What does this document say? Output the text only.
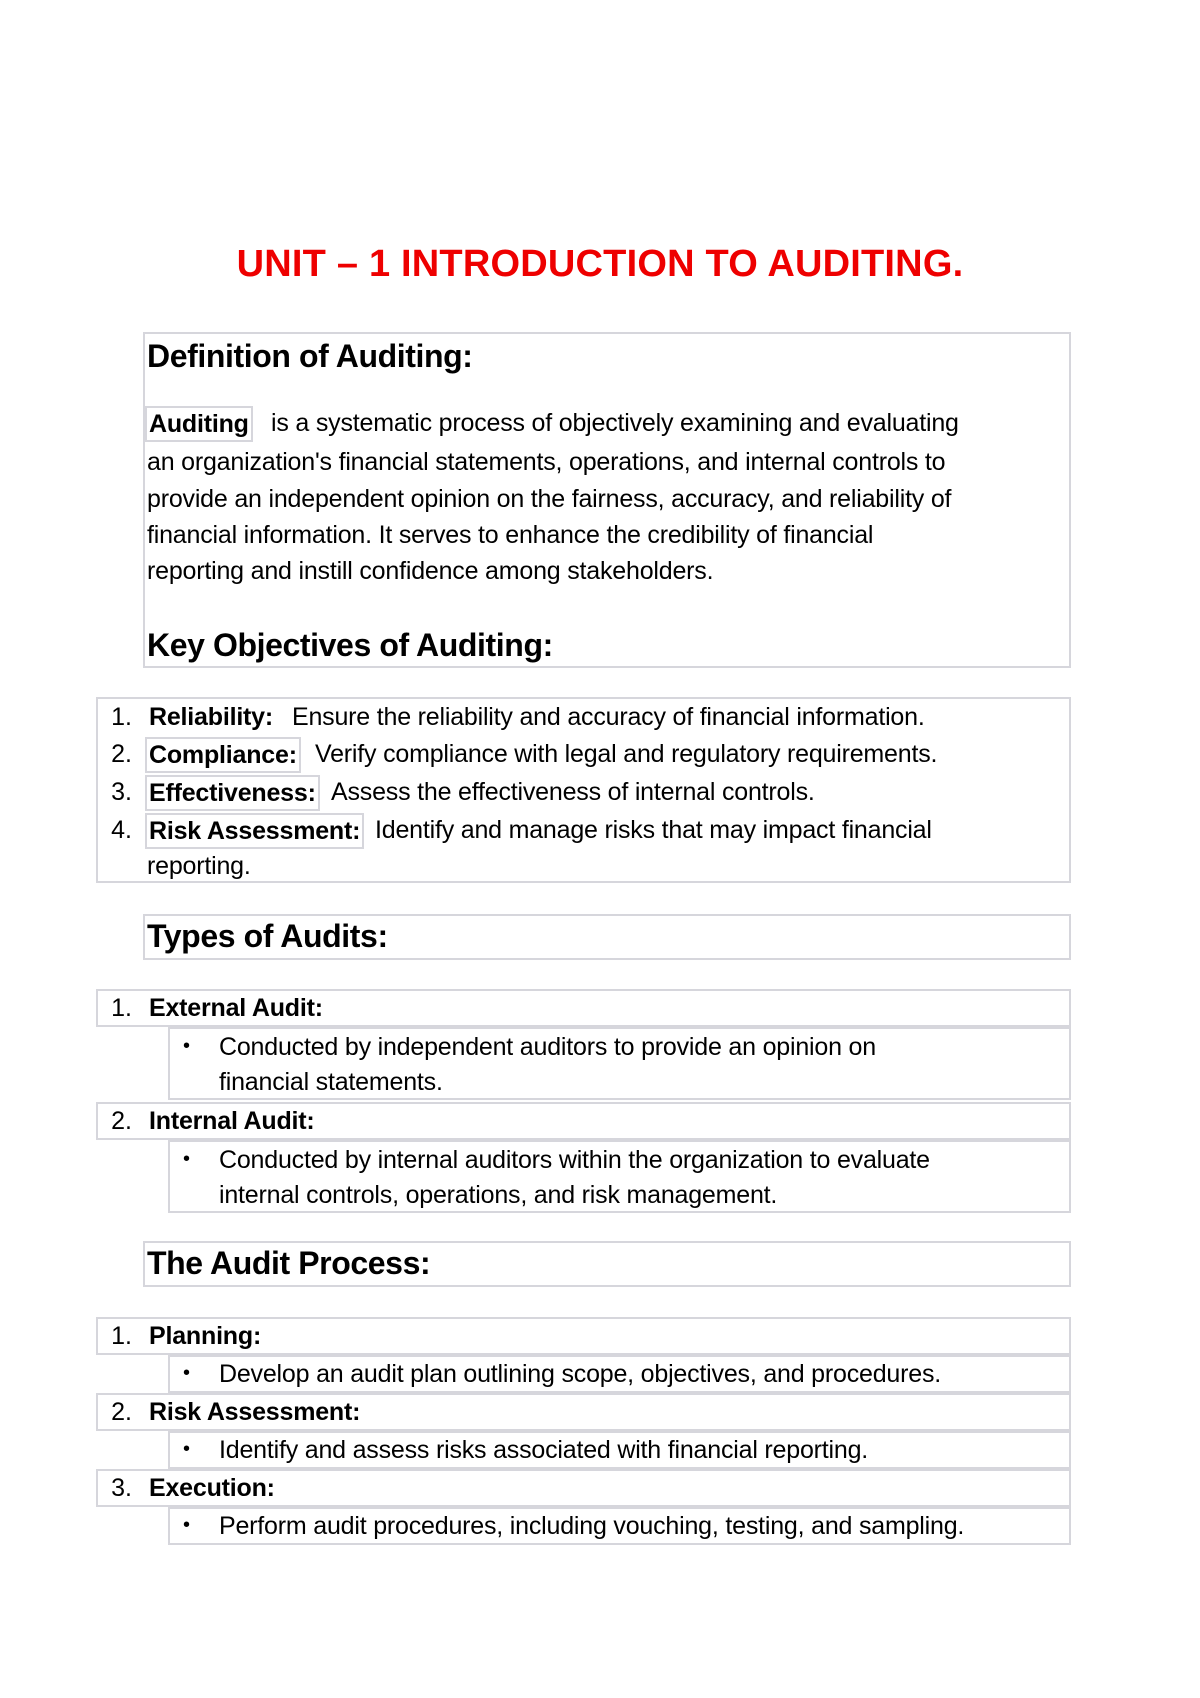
UNIT – 1 INTRODUCTION TO AUDITING.
Definition of Auditing:
Auditing is a systematic process of objectively examining and evaluating
an organization's financial statements, operations, and internal controls to
provide an independent opinion on the fairness, accuracy, and reliability of
financial information. It serves to enhance the credibility of financial
reporting and instill confidence among stakeholders.
Key Objectives of Auditing:
1. Reliability: Ensure the reliability and accuracy of financial information.
2. Compliance: Verify compliance with legal and regulatory requirements.
3. Effectiveness: Assess the effectiveness of internal controls.
4. Risk Assessment: Identify and manage risks that may impact financial
reporting.
Types of Audits:
1. External Audit:
• Conducted by independent auditors to provide an opinion on
financial statements.
2. Internal Audit:
• Conducted by internal auditors within the organization to evaluate
internal controls, operations, and risk management.
The Audit Process:
1. Planning:
• Develop an audit plan outlining scope, objectives, and procedures.
2. Risk Assessment:
• Identify and assess risks associated with financial reporting.
3. Execution:
• Perform audit procedures, including vouching, testing, and sampling.
